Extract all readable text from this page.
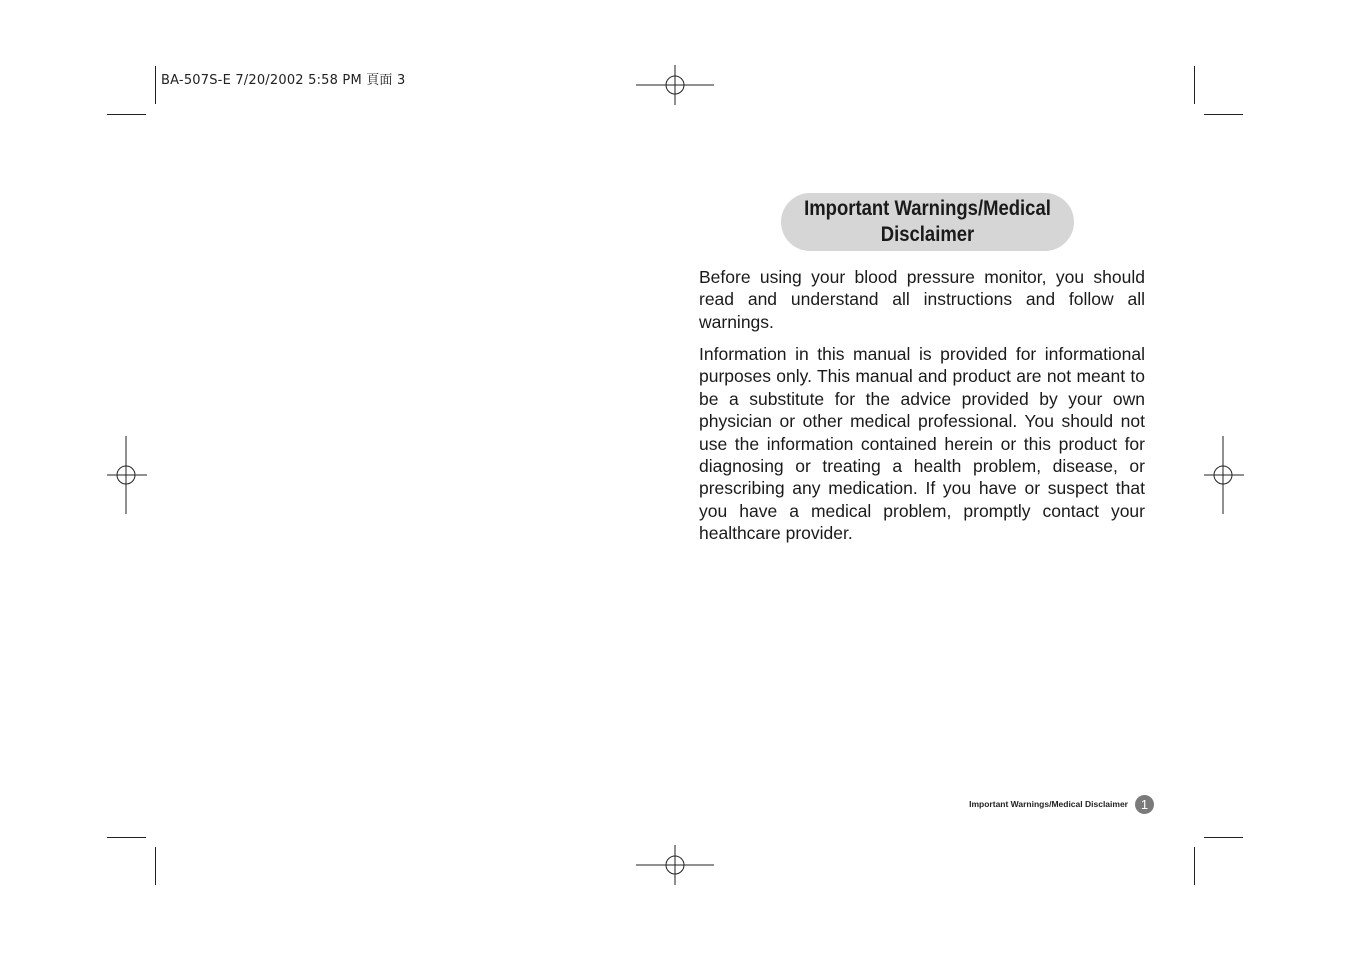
BA-507S-E 7/20/2002 5:58 PM 頁面 3
Important Warnings/Medical Disclaimer

Before using your blood pressure monitor, you should read and understand all instructions and follow all warnings.

Information in this manual is provided for informational purposes only. This manual and product are not meant to be a substitute for the advice provided by your own physician or other medical professional. You should not use the information contained herein or this product for diagnosing or treating a health problem, disease, or prescribing any medication. If you have or suspect that you have a medical problem, promptly contact your healthcare provider.

Important Warnings/Medical Disclaimer 1
